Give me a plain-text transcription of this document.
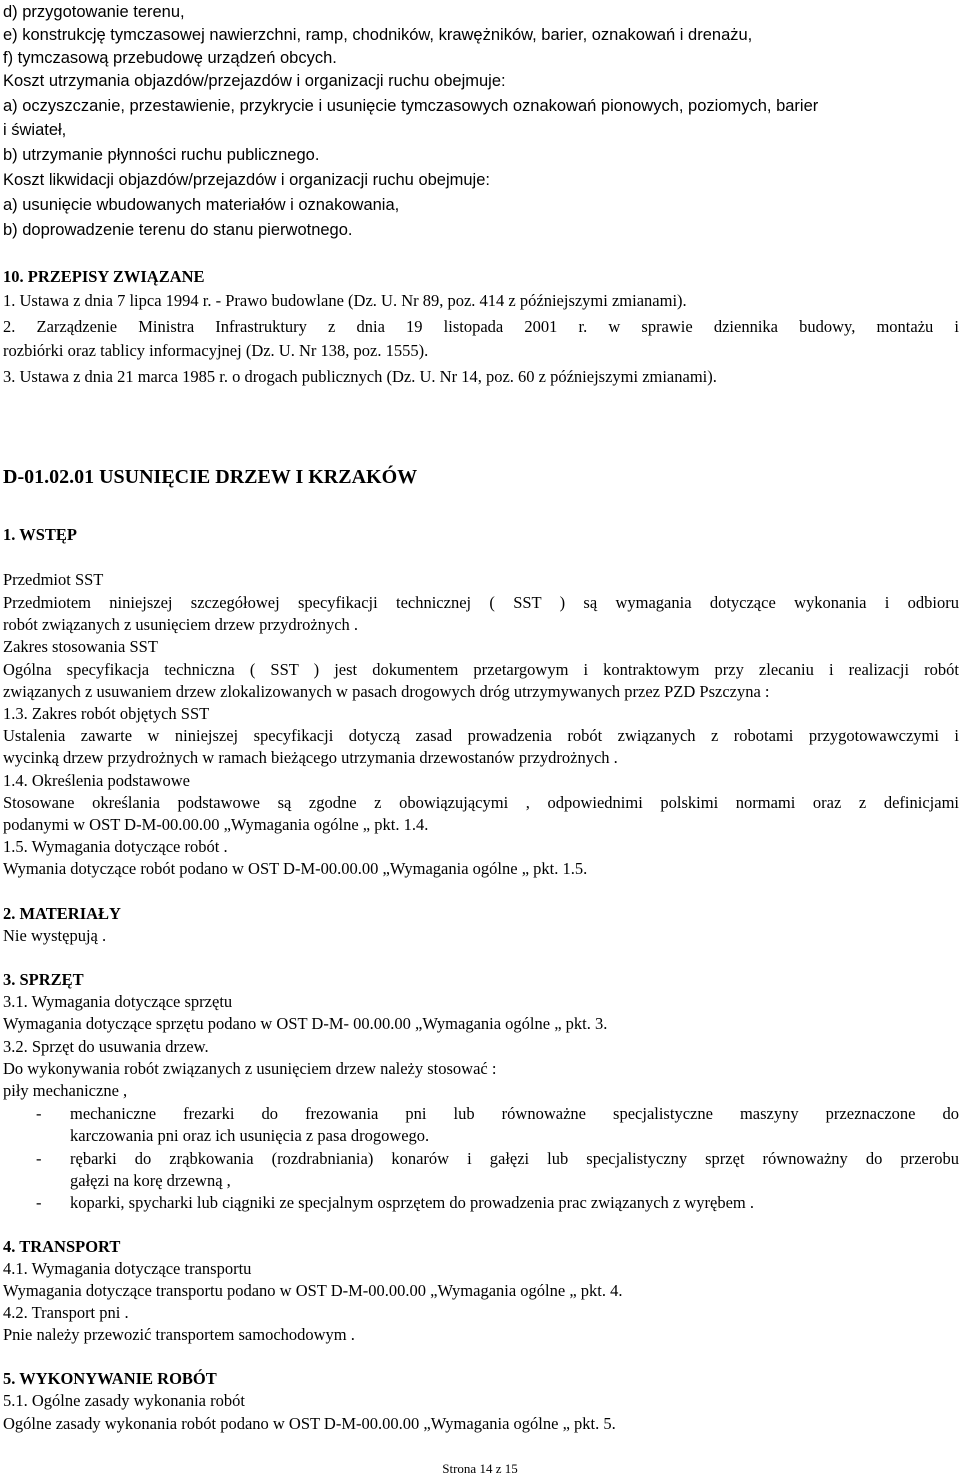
d) przygotowanie terenu,
e) konstrukcję tymczasowej nawierzchni, ramp, chodników, krawężników, barier, oznakowań i drenażu,
f) tymczasową przebudowę urządzeń obcych.
Koszt utrzymania objazdów/przejazdów i organizacji ruchu obejmuje:
a) oczyszczanie, przestawienie, przykrycie i usunięcie tymczasowych oznakowań pionowych, poziomych, barier
i świateł,
b) utrzymanie płynności ruchu publicznego.
Koszt likwidacji objazdów/przejazdów i organizacji ruchu obejmuje:
a) usunięcie wbudowanych materiałów i oznakowania,
b) doprowadzenie terenu do stanu pierwotnego.
10. PRZEPISY ZWIĄZANE
1. Ustawa z dnia 7 lipca 1994 r. - Prawo budowlane (Dz. U. Nr 89, poz. 414 z późniejszymi zmianami).
2. Zarządzenie Ministra Infrastruktury z dnia 19 listopada 2001 r. w sprawie dziennika budowy, montażu i
rozbiórki oraz tablicy informacyjnej (Dz. U. Nr 138, poz. 1555).
3. Ustawa z dnia 21 marca 1985 r. o drogach publicznych (Dz. U. Nr 14, poz. 60 z późniejszymi zmianami).
D-01.02.01 USUNIĘCIE DRZEW I KRZAKÓW
1. WSTĘP
Przedmiot SST
Przedmiotem niniejszej szczegółowej specyfikacji technicznej ( SST ) są wymagania dotyczące wykonania i odbioru
robót związanych z usunięciem drzew przydrożnych .
Zakres stosowania SST
Ogólna specyfikacja techniczna ( SST ) jest dokumentem przetargowym i kontraktowym przy zlecaniu i realizacji robót
związanych z usuwaniem drzew zlokalizowanych w pasach drogowych dróg utrzymywanych przez PZD Pszczyna :
1.3. Zakres robót objętych SST
Ustalenia zawarte w niniejszej specyfikacji dotyczą zasad prowadzenia robót związanych z robotami przygotowawczymi i
wycinką drzew przydrożnych w ramach bieżącego utrzymania drzewostanów przydrożnych .
1.4. Określenia podstawowe
Stosowane określania podstawowe są zgodne z obowiązującymi , odpowiednimi polskimi normami oraz z definicjami
podanymi w OST D-M-00.00.00 „Wymagania ogólne „ pkt. 1.4.
1.5. Wymagania dotyczące robót .
Wymania dotyczące robót podano w OST D-M-00.00.00 „Wymagania ogólne „ pkt. 1.5.
2. MATERIAŁY
Nie występują .
3. SPRZĘT
3.1. Wymagania dotyczące sprzętu
Wymagania dotyczące sprzętu podano w OST D-M- 00.00.00 „Wymagania ogólne „ pkt. 3.
3.2. Sprzęt do usuwania drzew.
Do wykonywania robót związanych z usunięciem drzew należy stosować :
piły mechaniczne ,
- mechaniczne frezarki do frezowania pni lub równoważne specjalistyczne maszyny przeznaczone do
karczowania pni oraz ich usunięcia z pasa drogowego.
- rębarki do zrąbkowania (rozdrabniania) konarów i gałęzi lub specjalistyczny sprzęt równoważny do przerobu
gałęzi na korę drzewną ,
- koparki, spycharki lub ciągniki ze specjalnym osprzętem do prowadzenia prac związanych z wyrębem .
4. TRANSPORT
4.1. Wymagania dotyczące transportu
Wymagania dotyczące transportu podano w OST D-M-00.00.00 „Wymagania ogólne „ pkt. 4.
4.2. Transport pni .
Pnie należy przewozić transportem samochodowym .
5. WYKONYWANIE ROBÓT
5.1. Ogólne zasady wykonania robót
Ogólne zasady wykonania robót podano w OST D-M-00.00.00 „Wymagania ogólne „ pkt. 5.
Strona 14 z 15
